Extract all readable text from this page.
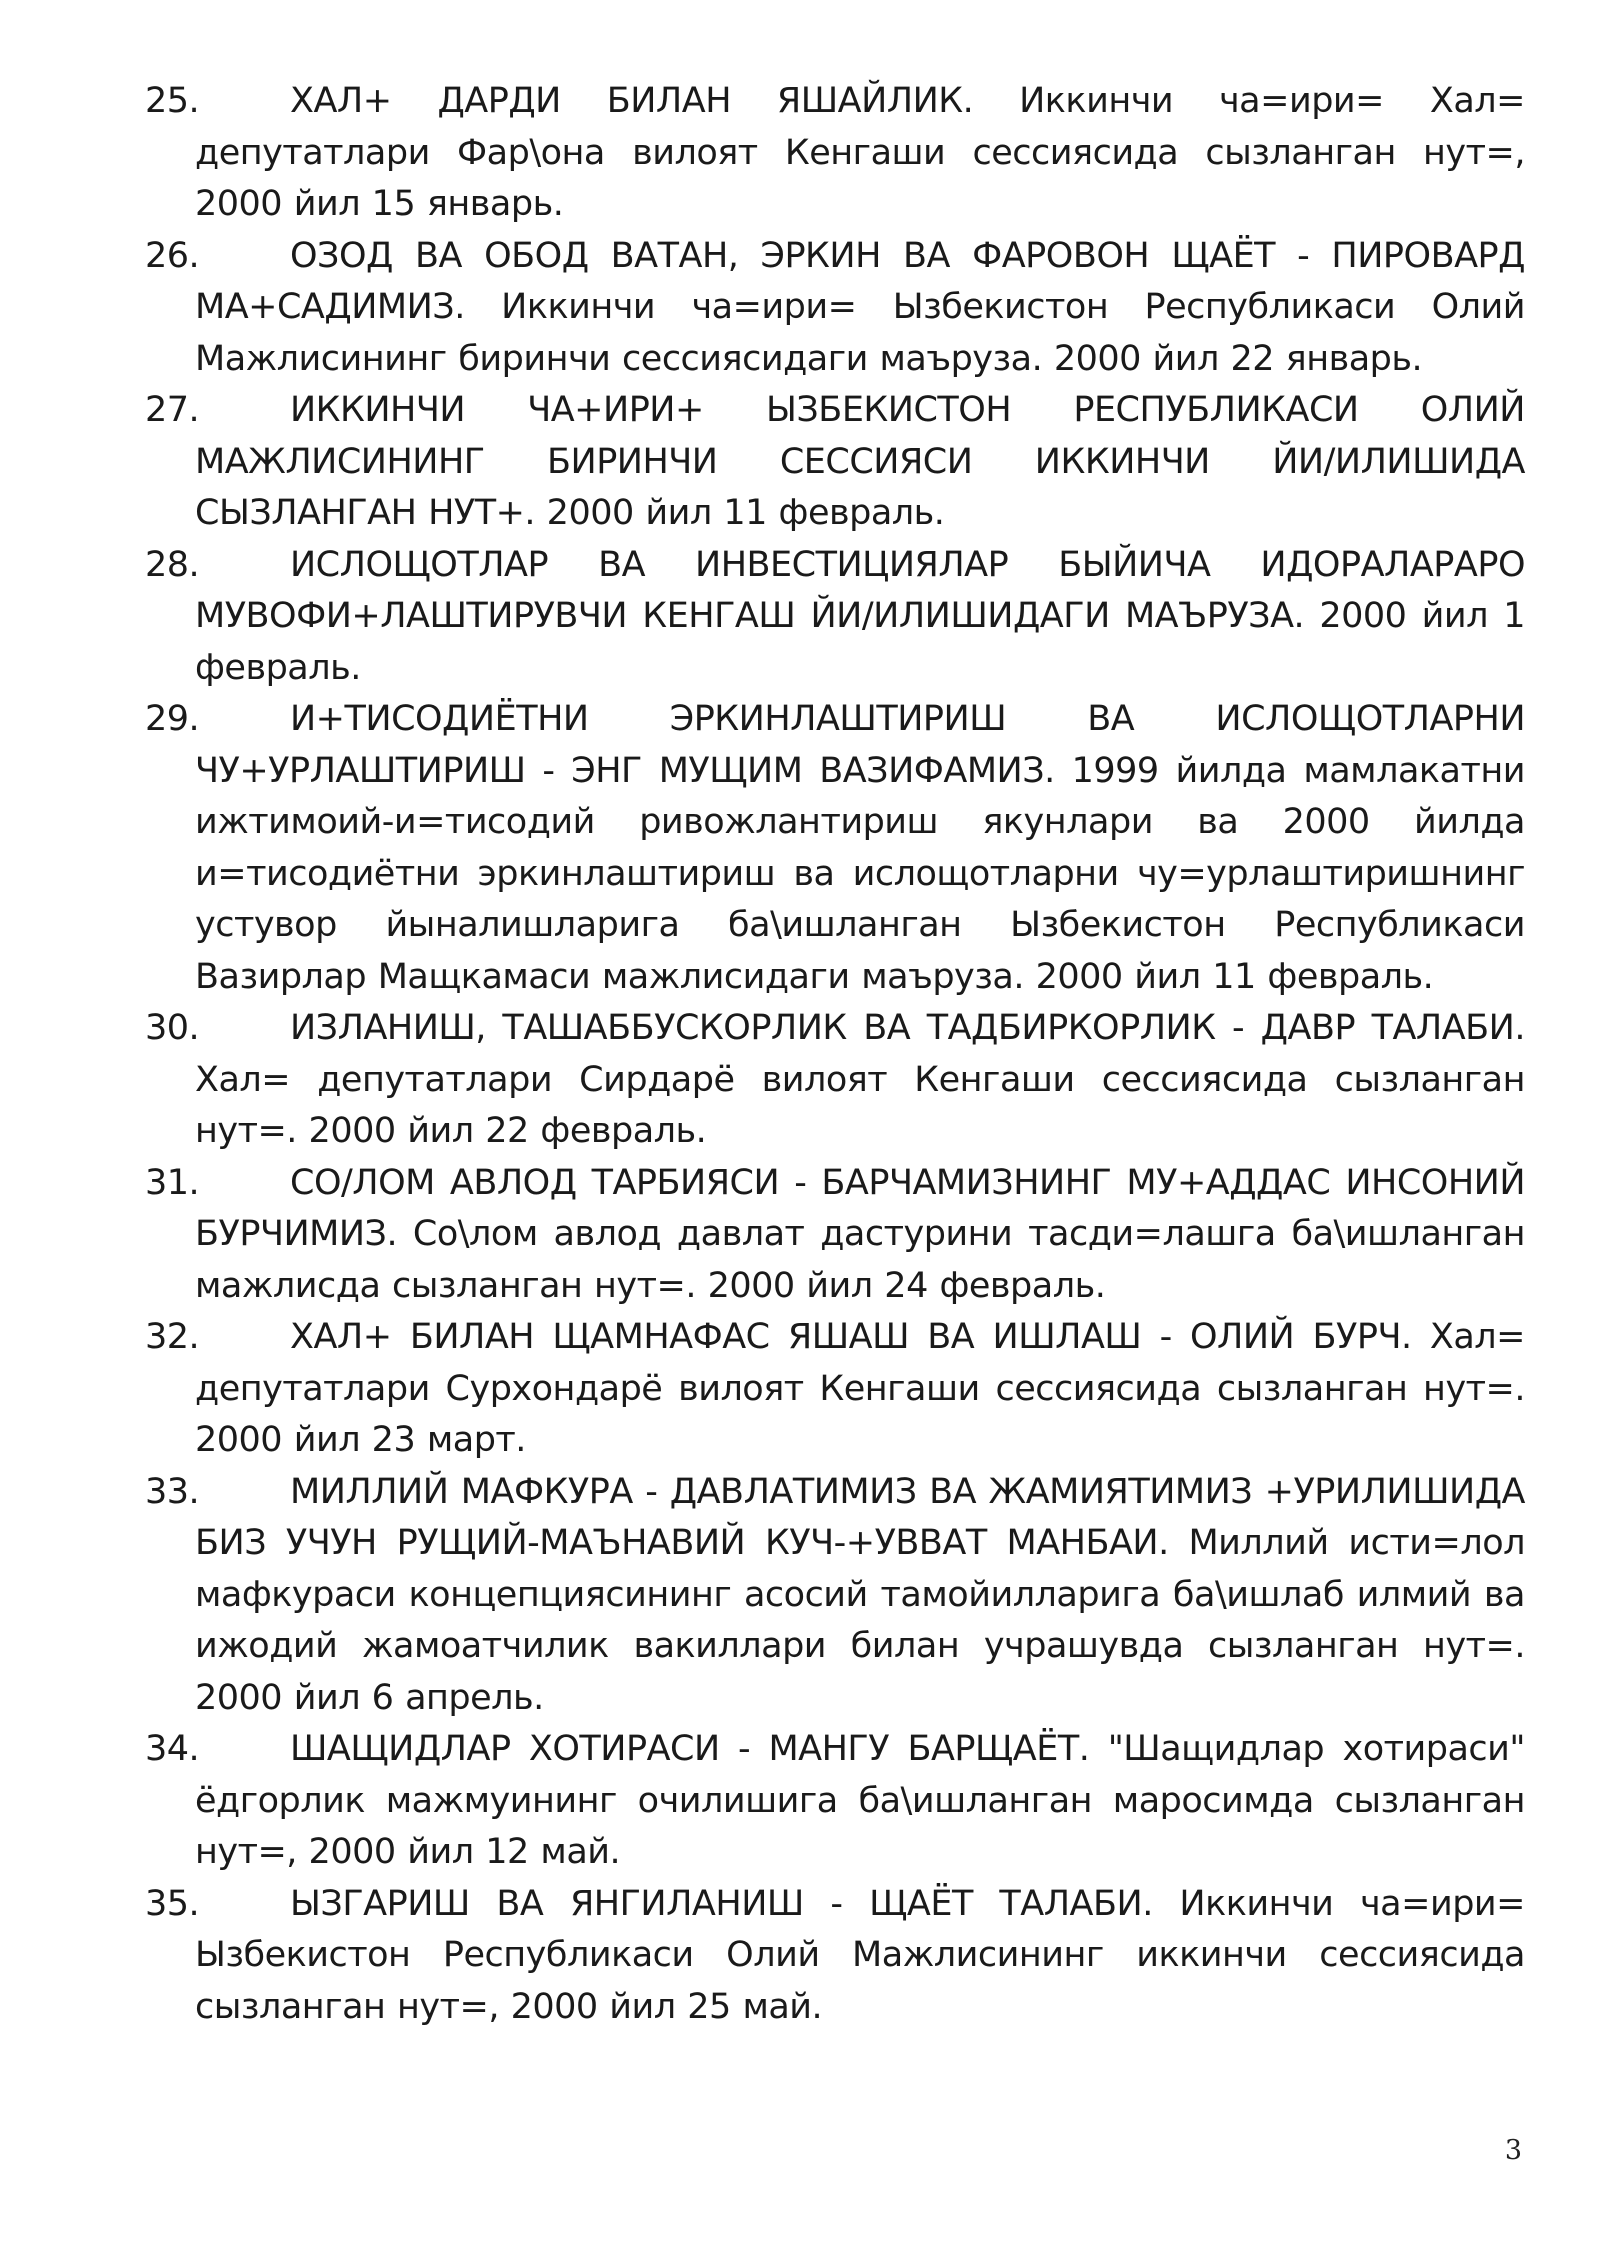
25.	ХАЛ+ ДАРДИ БИЛАН ЯШАЙЛИК. Иккинчи ча=ири= Хал= депутатлари Фар\она вилоят Кенгаши сессиясида сызланган нут=, 2000 йил 15 январь.
26.	ОЗОД ВА ОБОД ВАТАН, ЭРКИН ВА ФАРОВОН ЩАЁТ - ПИРОВАРД МА+САДИМИЗ. Иккинчи ча=ири= Ызбекистон Республикаси Олий Мажлисининг биринчи сессиясидаги маъруза. 2000 йил 22 январь.
27.	ИККИНЧИ ЧА+ИРИ+ ЫЗБЕКИСТОН РЕСПУБЛИКАСИ ОЛИЙ МАЖЛИСИНИНГ БИРИНЧИ СЕССИЯСИ ИККИНЧИ ЙИ/ИЛИШИДА СЫЗЛАНГАН НУТ+. 2000 йил 11 февраль.
28.	ИСЛОЩОТЛАР ВА ИНВЕСТИЦИЯЛАР БЫЙИЧА ИДОРАЛАРАРО МУВОФИ+ЛАШТИРУВЧИ КЕНГАШ ЙИ/ИЛИШИДАГИ МАЪРУЗА. 2000 йил 1 февраль.
29.	И+ТИСОДИЁТНИ ЭРКИНЛАШТИРИШ ВА ИСЛОЩОТЛАРНИ ЧУ+УРЛАШТИРИШ - ЭНГ МУЩИМ ВАЗИФАМИЗ. 1999 йилда мамлакатни ижтимоий-и=тисодий ривожлантириш якунлари ва 2000 йилда и=тисодиётни эркинлаштириш ва ислощотларни чу=урлаштиришнинг устувор йыналишларига ба\ишланган Ызбекистон Республикаси Вазирлар Мащкамаси мажлисидаги маъруза. 2000 йил 11 февраль.
30.	ИЗЛАНИШ, ТАШАББУСКОРЛИК ВА ТАДБИРКОРЛИК - ДАВР ТАЛАБИ. Хал= депутатлари Сирдарё вилоят Кенгаши сессиясида сызланган нут=. 2000 йил 22 февраль.
31.	СО/ЛОМ АВЛОД ТАРБИЯСИ - БАРЧАМИЗНИНГ МУ+АДДАС ИНСОНИЙ БУРЧИМИЗ. Со\лом авлод давлат дастурини тасди=лашга ба\ишланган мажлисда сызланган нут=. 2000 йил 24 февраль.
32.	ХАЛ+ БИЛАН ЩАМНАФАС ЯШАШ ВА ИШЛАШ - ОЛИЙ БУРЧ. Хал= депутатлари Сурхондарё вилоят Кенгаши сессиясида сызланган нут=. 2000 йил 23 март.
33.	МИЛЛИЙ МАФКУРА - ДАВЛАТИМИЗ ВА ЖАМИЯТИМИЗ +УРИЛИШИДА БИЗ УЧУН РУЩИЙ-МАЪНАВИЙ КУЧ-+УВВАТ МАНБАИ. Миллий исти=лол мафкураси концепциясининг асосий тамойилларига ба\ишлаб илмий ва ижодий жамоатчилик вакиллари билан учрашувда сызланган нут=. 2000 йил 6 апрель.
34.	ШАЩИДЛАР ХОТИРАСИ - МАНГУ БАРЩАЁТ. "Шащидлар хотираси" ёдгорлик мажмуининг очилишига ба\ишланган маросимда сызланган нут=, 2000 йил 12 май.
35.	ЫЗГАРИШ ВА ЯНГИЛАНИШ - ЩАЁТ ТАЛАБИ. Иккинчи ча=ири= Ызбекистон Республикаси Олий Мажлисининг иккинчи сессиясида сызланган нут=, 2000 йил 25 май.
3
